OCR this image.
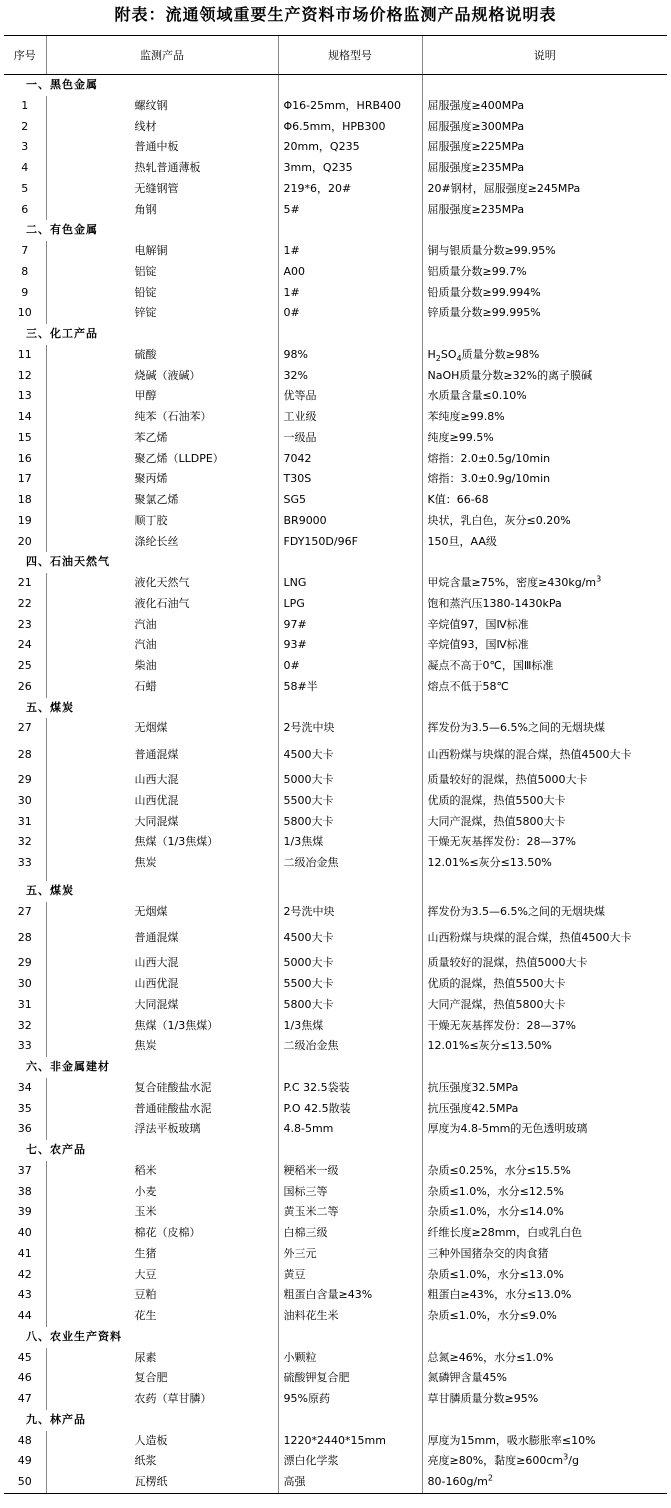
附表：流通领域重要生产资料市场价格监测产品规格说明表
序号	监测产品	规格型号	说明
一、黑色金属			
1	螺纹钢	Φ16-25mm，HRB400	屈服强度≥400MPa
2	线材	Φ6.5mm，HPB300	屈服强度≥300MPa
3	普通中板	20mm，Q235	屈服强度≥225MPa
4	热轧普通薄板	3mm，Q235	屈服强度≥235MPa
5	无缝钢管	219*6，20#	20#钢材，屈服强度≥245MPa
6	角钢	5#	屈服强度≥235MPa
二、有色金属			
7	电解铜	1#	铜与银质量分数≥99.95%
8	铝锭	A00	铝质量分数≥99.7%
9	铅锭	1#	铅质量分数≥99.994%
10	锌锭	0#	锌质量分数≥99.995%
三、化工产品			
11	硫酸	98%	$H_2SO_4$质量分数≥98%
12	烧碱（液碱）	32%	NaOH质量分数≥32%的离子膜碱
13	甲醇	优等品	水质量含量≤0.10%
14	纯苯（石油苯）	工业级	苯纯度≥99.8%
15	苯乙烯	一级品	纯度≥99.5%
16	聚乙烯（LLDPE）	7042	熔指：2.0±0.5g/10min
17	聚丙烯	T30S	熔指：3.0±0.9g/10min
18	聚氯乙烯	SG5	K值：66-68
19	顺丁胶	BR9000	块状，乳白色，灰分≤0.20%
20	涤纶长丝	FDY150D/96F	150旦，AA级
四、石油天然气			
21	液化天然气	LNG	甲烷含量≥75%，密度$\ge 430kg/m^3$
22	液化石油气	LPG	饱和蒸汽压1380-1430kPa
23	汽油	97#	辛烷值97，国Ⅳ标准
24	汽油	93#	辛烷值93，国Ⅳ标准
25	柴油	0#	凝点不高于0℃，国Ⅲ标准
26	石蜡	58#半	熔点不低于58℃
五、煤炭			
27	无烟煤	2号洗中块	挥发份为3.5—6.5%之间的无烟块煤
28	普通混煤	4500大卡	山西粉煤与块煤的混合煤，热值4500大卡
29	山西大混	5000大卡	质量较好的混煤，热值5000大卡
30	山西优混	5500大卡	优质的混煤，热值5500大卡
31	大同混煤	5800大卡	大同产混煤，热值5800大卡
32	焦煤（1/3焦煤）	1/3焦煤	干燥无灰基挥发份：28—37%
33	焦炭	二级冶金焦	12.01%≤灰分≤13.50%

五、煤炭			
27	无烟煤	2号洗中块	挥发份为3.5—6.5%之间的无烟块煤
28	普通混煤	4500大卡	山西粉煤与块煤的混合煤，热值4500大卡
29	山西大混	5000大卡	质量较好的混煤，热值5000大卡
30	山西优混	5500大卡	优质的混煤，热值5500大卡
31	大同混煤	5800大卡	大同产混煤，热值5800大卡
32	焦煤（1/3焦煤）	1/3焦煤	干燥无灰基挥发份：28—37%
33	焦炭	二级冶金焦	12.01%≤灰分≤13.50%
六、非金属建材			
34	复合硅酸盐水泥	P.C 32.5袋装	抗压强度32.5MPa
35	普通硅酸盐水泥	P.O 42.5散装	抗压强度42.5MPa
36	浮法平板玻璃	4.8-5mm	厚度为4.8-5mm的无色透明玻璃
七、农产品			
37	稻米	粳稻米一级	杂质≤0.25%，水分≤15.5%
38	小麦	国标三等	杂质≤1.0%，水分≤12.5%
39	玉米	黄玉米二等	杂质≤1.0%，水分≤14.0%
40	棉花（皮棉）	白棉三级	纤维长度≥28mm，白或乳白色
41	生猪	外三元	三种外国猪杂交的肉食猪
42	大豆	黄豆	杂质≤1.0%，水分≤13.0%
43	豆粕	粗蛋白含量≥43%	粗蛋白≥43%，水分≤13.0%
44	花生	油料花生米	杂质≤1.0%，水分≤9.0%
八、农业生产资料			
45	尿素	小颗粒	总氮≥46%，水分≤1.0%
46	复合肥	硫酸钾复合肥	氮磷钾含量45%
47	农药（草甘膦）	95%原药	草甘膦质量分数≥95%
九、林产品			
48	人造板	1220*2440*15mm	厚度为15mm，吸水膨胀率≤10%
49	纸浆	漂白化学浆	亮度≥80%，黏度$\ge 600cm^3/g$
50	瓦楞纸	高强	$80-160g/m^2$
